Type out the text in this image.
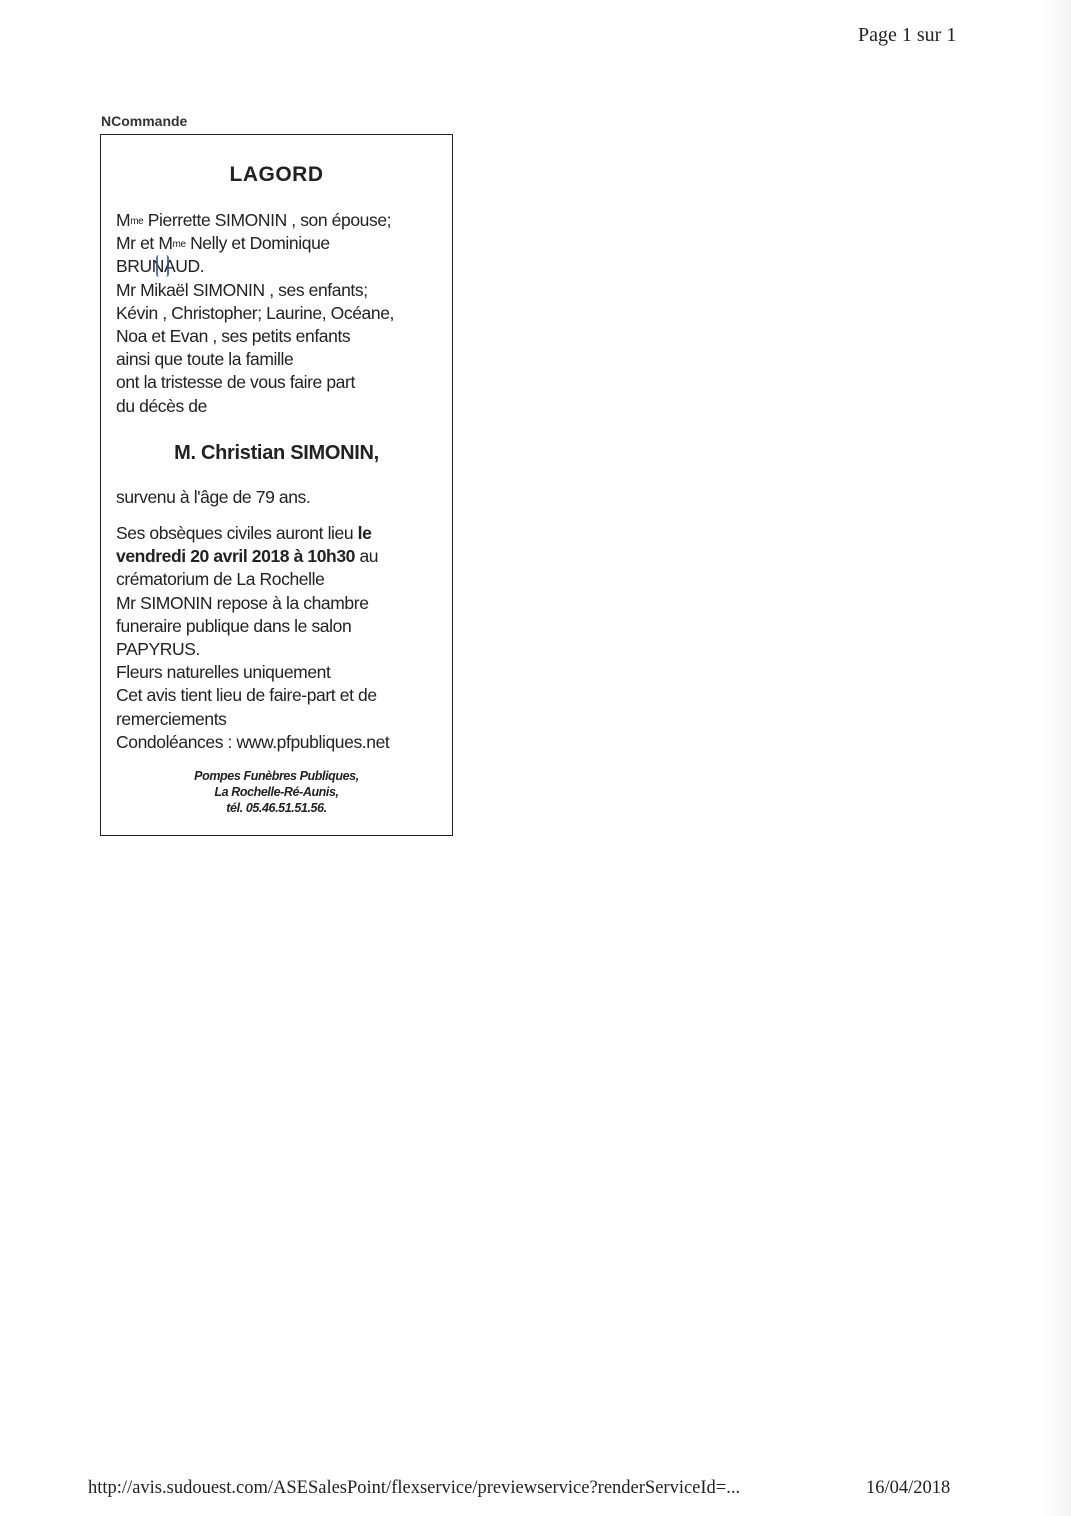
Page 1 sur 1
NCommande
LAGORD
$M^{me}$ Pierrette SIMONIN , son épouse;
Mr et $M^{me}$ Nelly et Dominique
BRUNAUD.
Mr Mikaël SIMONIN , ses enfants;
Kévin , Christopher; Laurine, Océane,
Noa et Evan , ses petits enfants
ainsi que toute la famille
ont la tristesse de vous faire part
du décès de
M. Christian SIMONIN,
survenu à l'âge de 79 ans.
Ses obsèques civiles auront lieu le
vendredi 20 avril 2018 à 10h30 au
crématorium de La Rochelle
Mr SIMONIN repose à la chambre
funeraire publique dans le salon
PAPYRUS.
Fleurs naturelles uniquement
Cet avis tient lieu de faire-part et de
remerciements
Condoléances : www.pfpubliques.net
Pompes Funèbres Publiques,
La Rochelle-Ré-Aunis,
tél. 05.46.51.51.56.
http://avis.sudouest.com/ASESalesPoint/flexservice/previewservice?renderServiceId=...	16/04/2018
